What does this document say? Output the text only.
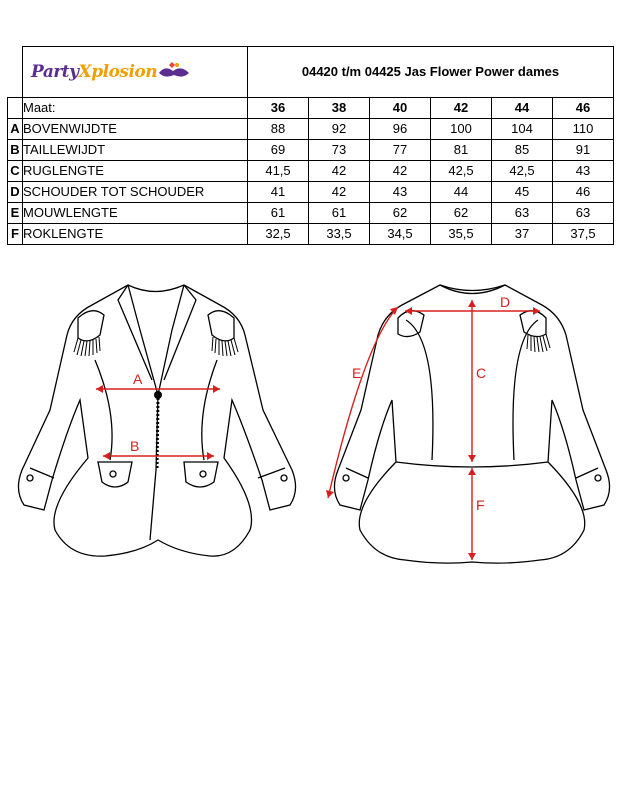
	PartyXplosion	04420 t/m 04425 Jas Flower Power dames					
	Maat:	36	38	40	42	44	46
A	BOVENWIJDTE	88	92	96	100	104	110
B	TAILLEWIJDT	69	73	77	81	85	91
C	RUGLENGTE	41,5	42	42	42,5	42,5	43
D	SCHOUDER TOT SCHOUDER	41	42	43	44	45	46
E	MOUWLENGTE	61	61	62	62	63	63
F	ROKLENGTE	32,5	33,5	34,5	35,5	37	37,5
A
B
D
C
F
E
